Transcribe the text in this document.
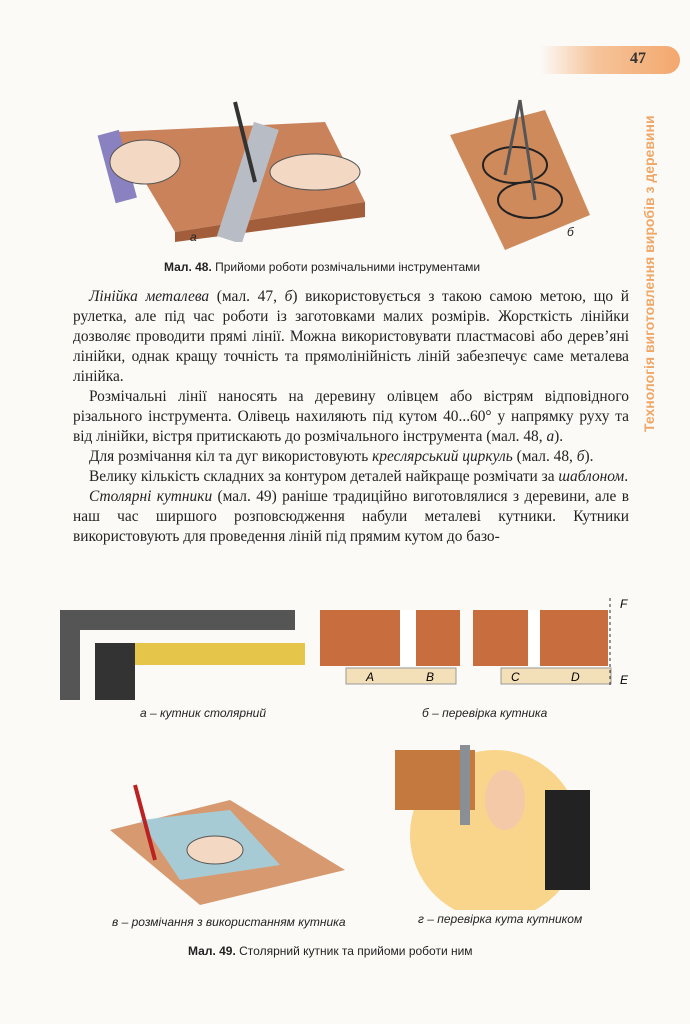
47
Технологія виготовлення виробів з деревини
а	б
Мал. 48. Прийоми роботи розмічальними інструментами

Лінійка металева (мал. 47, б) використовується з такою самою метою, що й рулетка, але під час роботи із заготовками малих розмірів. Жорсткість лінійки дозволяє проводити прямі лінії. Можна використовувати пластмасові або дерев’яні лінійки, однак кращу точність та прямолінійність ліній забезпечує саме металева лінійка.

Розмічальні лінії наносять на деревину олівцем або вістрям відповідного різального інструмента. Олівець нахиляють під кутом 40...60° у напрямку руху та від лінійки, вістря притискають до розмічального інструмента (мал. 48, а).

Для розмічання кіл та дуг використовують креслярський циркуль (мал. 48, б).

Велику кількість складних за контуром деталей найкраще розмічати за шаблоном.

Столярні кутники (мал. 49) раніше традиційно виготовлялися з деревини, але в наш час ширшого розповсюдження набули металеві кутники. Кутники використовують для проведення ліній під прямим кутом до базо-

а – кутник столярний
A	B	C	D	E
F
б – перевірка кутника
в – розмічання з використанням кутника	г – перевірка кута кутником
Мал. 49. Столярний кутник та прийоми роботи ним
